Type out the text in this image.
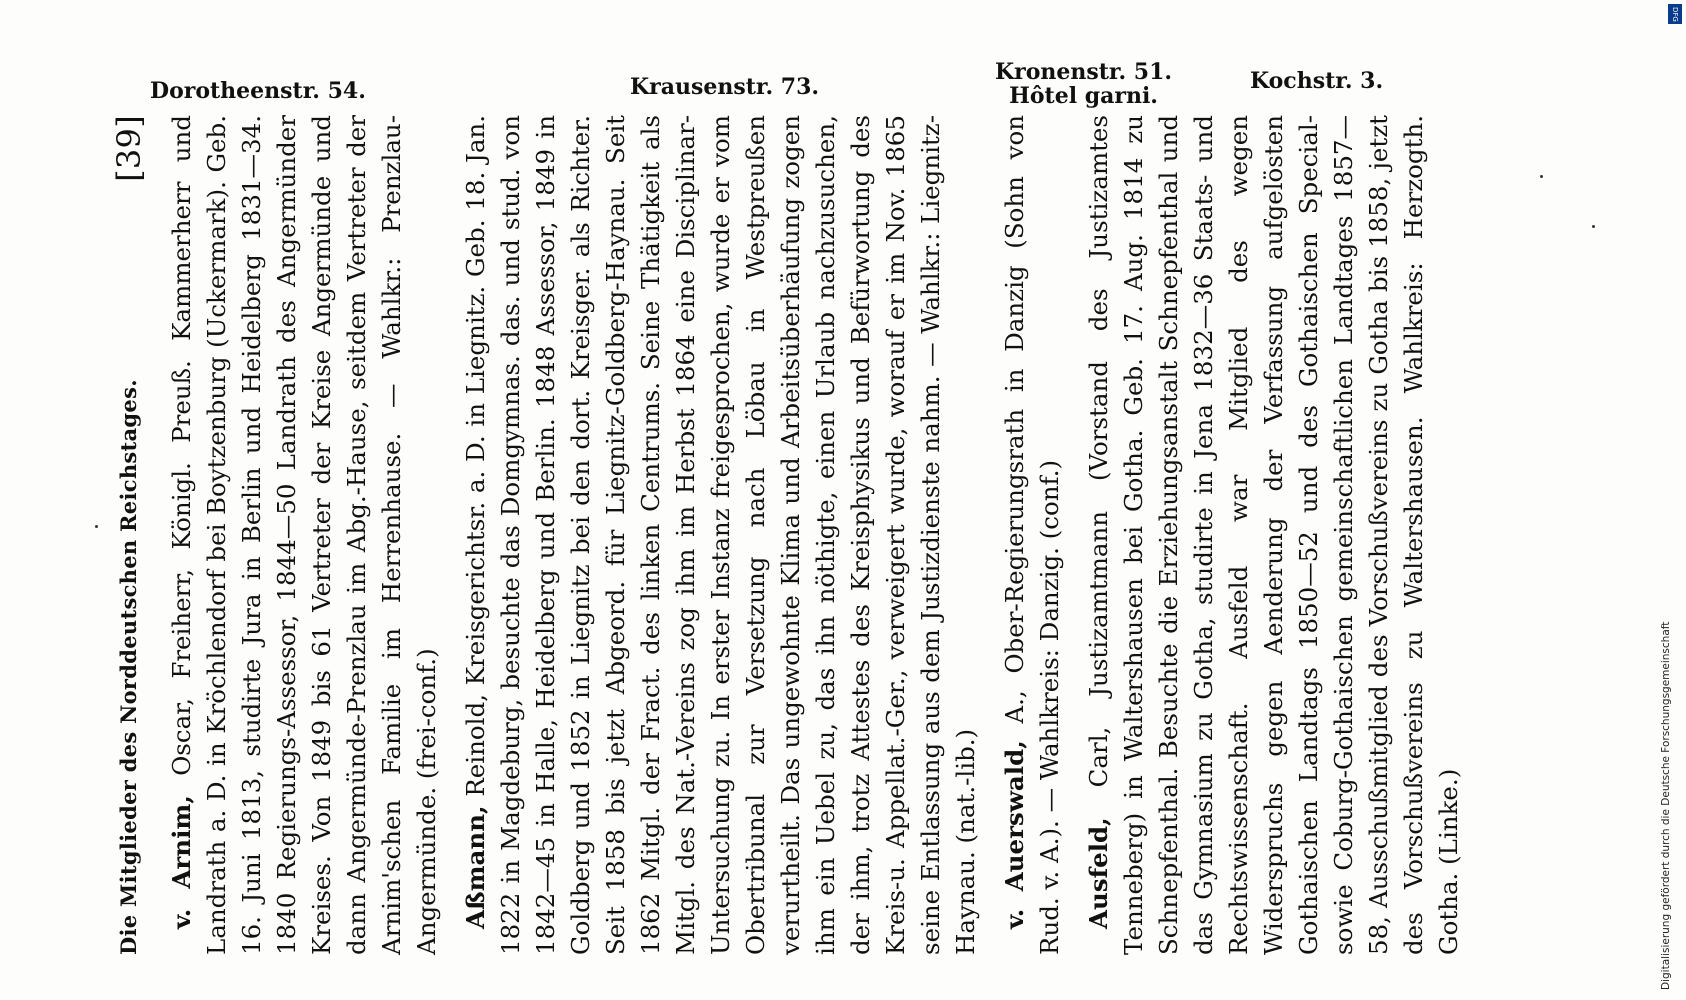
Dorotheenstr. 54.	Krausenstr. 73.
Kronenstr. 51.
Hôtel garni.
Kochstr. 3.
Die Mitglieder des Norddeutschen Reichstages.
[39]

v. Arnim, Oscar, Freiherr, Königl. Preuß. Kammerherr und Landrath a. D. in Kröchlendorf bei Boytzenburg (Uckermark). Geb. 16. Juni 1813, studirte Jura in Berlin und Heidelberg 1831—34. 1840 Regierungs-Assessor, 1844—50 Landrath des Angermünder Kreises. Von 1849 bis 61 Vertreter der Kreise Angermünde und dann Angermünde-Prenzlau im Abg.-Hause, seitdem Vertreter der Arnim'schen Familie im Herrenhause. — Wahlkr.: Prenzlau-Angermünde. (frei-conf.) Aßmann, Reinold, Kreisgerichtsr. a. D. in Liegnitz. Geb. 18. Jan. 1822 in Magdeburg, besuchte das Domgymnas. das. und stud. von 1842—45 in Halle, Heidelberg und Berlin. 1848 Assessor, 1849 in Goldberg und 1852 in Liegnitz bei den dort. Kreisger. als Richter. Seit 1858 bis jetzt Abgeord. für Liegnitz-Goldberg-Haynau. Seit 1862 Mitgl. der Fract. des linken Centrums. Seine Thätigkeit als Mitgl. des Nat.-Vereins zog ihm im Herbst 1864 eine Disciplinar-Untersuchung zu. In erster Instanz freigesprochen, wurde er vom Obertribunal zur Versetzung nach Löbau in Westpreußen verurtheilt. Das ungewohnte Klima und Arbeitsüberhäufung zogen ihm ein Uebel zu, das ihn nöthigte, einen Urlaub nachzusuchen, der ihm, trotz Attestes des Kreisphysikus und Befürwortung des Kreis-u. Appellat.-Ger., verweigert wurde, worauf er im Nov. 1865 seine Entlassung aus dem Justizdienste nahm. — Wahlkr.: Liegnitz-Haynau. (nat.-lib.) v. Auerswald, A., Ober-Regierungsrath in Danzig (Sohn von Rud. v. A.). — Wahlkreis: Danzig. (conf.) Ausfeld, Carl, Justizamtmann (Vorstand des Justizamtes Tenneberg) in Waltershausen bei Gotha. Geb. 17. Aug. 1814 zu Schnepfenthal. Besuchte die Erziehungsanstalt Schnepfenthal und das Gymnasium zu Gotha, studirte in Jena 1832—36 Staats- und Rechtswissenschaft. Ausfeld war Mitglied des wegen Widerspruchs gegen Aenderung der Verfassung aufgelösten Gothaischen Landtags 1850—52 und des Gothaischen Special- sowie Coburg-Gothaischen gemeinschaftlichen Landtages 1857—58, Ausschußmitglied des Vorschußvereins zu Gotha bis 1858, jetzt des Vorschußvereins zu Waltershausen. Wahlkreis: Herzogth. Gotha. (Linke.)	Digitalisierung gefördert durch die Deutsche Forschungsgemeinschaft
DFG
